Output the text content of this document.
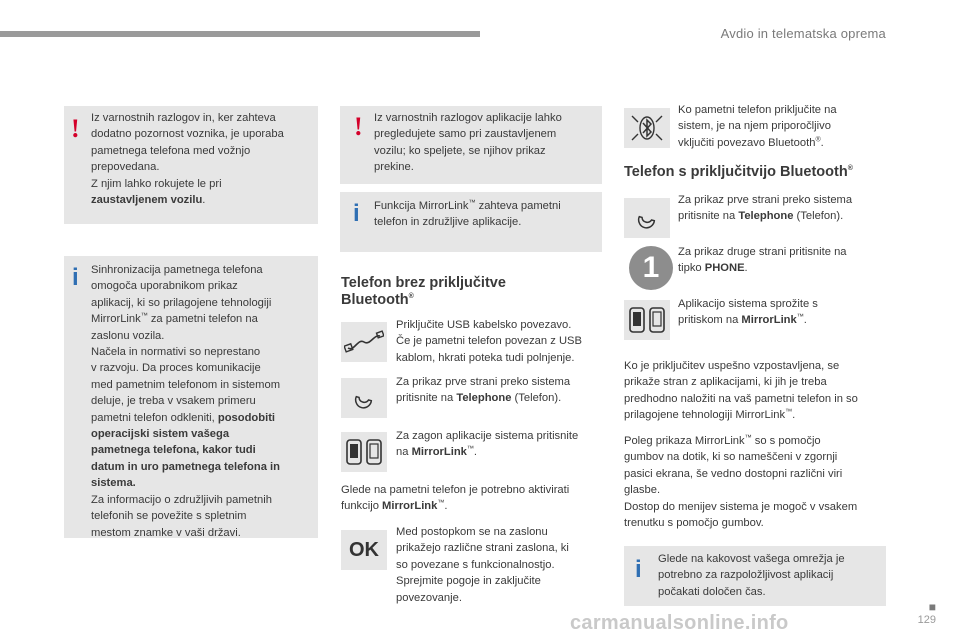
Avdio in telematska oprema
! Iz varnostnih razlogov in, ker zahteva

dodatno pozornost voznika, je uporaba

pametnega telefona med vožnjo

prepovedana.

Z njim lahko rokujete le pri

zaustavljenem vozilu.

i Sinhronizacija pametnega telefona

omogoča uporabnikom prikaz

aplikacij, ki so prilagojene tehnologiji

MirrorLink™ za pametni telefon na

zaslonu vozila.

Načela in normativi so neprestano

v razvoju. Da proces komunikacije

med pametnim telefonom in sistemom

deluje, je treba v vsakem primeru

pametni telefon odkleniti, posodobiti

operacijski sistem vašega

pametnega telefona, kakor tudi

datum in uro pametnega telefona in

sistema.

Za informacijo o združljivih pametnih

telefonih se povežite s spletnim

mestom znamke v vaši državi.

! Iz varnostnih razlogov aplikacije lahko

pregledujete samo pri zaustavljenem

vozilu; ko speljete, se njihov prikaz

prekine.

i Funkcija MirrorLink™ zahteva pametni

telefon in združljive aplikacije.

Telefon brez priključitve
Bluetooth®

Priključite USB kabelsko povezavo.

Če je pametni telefon povezan z USB

kablom, hkrati poteka tudi polnjenje.

Za prikaz prve strani preko sistema

pritisnite na Telephone (Telefon).

Za zagon aplikacije sistema pritisnite

na MirrorLink™.

Glede na pametni telefon je potrebno aktivirati

funkcijo MirrorLink™.

OK

Med postopkom se na zaslonu

prikažejo različne strani zaslona, ki

so povezane s funkcionalnostjo.

Sprejmite pogoje in zaključite

povezovanje.

Ko pametni telefon priključite na

sistem, je na njem priporočljivo

vključiti povezavo Bluetooth®.

Telefon s priključitvijo Bluetooth®

Za prikaz prve strani preko sistema

pritisnite na Telephone (Telefon).

1	Za prikaz druge strani pritisnite na

tipko PHONE.

Aplikacijo sistema sprožite s

pritiskom na MirrorLink™.

Ko je priključitev uspešno vzpostavljena, se

prikaže stran z aplikacijami, ki jih je treba

predhodno naložiti na vaš pametni telefon in so

prilagojene tehnologiji MirrorLink™.

Poleg prikaza MirrorLink™ so s pomočjo

gumbov na dotik, ki so nameščeni v zgornji

pasici ekrana, še vedno dostopni različni viri

glasbe.

Dostop do menijev sistema je mogoč v vsakem

trenutku s pomočjo gumbov.

i Glede na kakovost vašega omrežja je

potrebno za razpoložljivost aplikacij

počakati določen čas.

■
129
carmanualsonline.info
